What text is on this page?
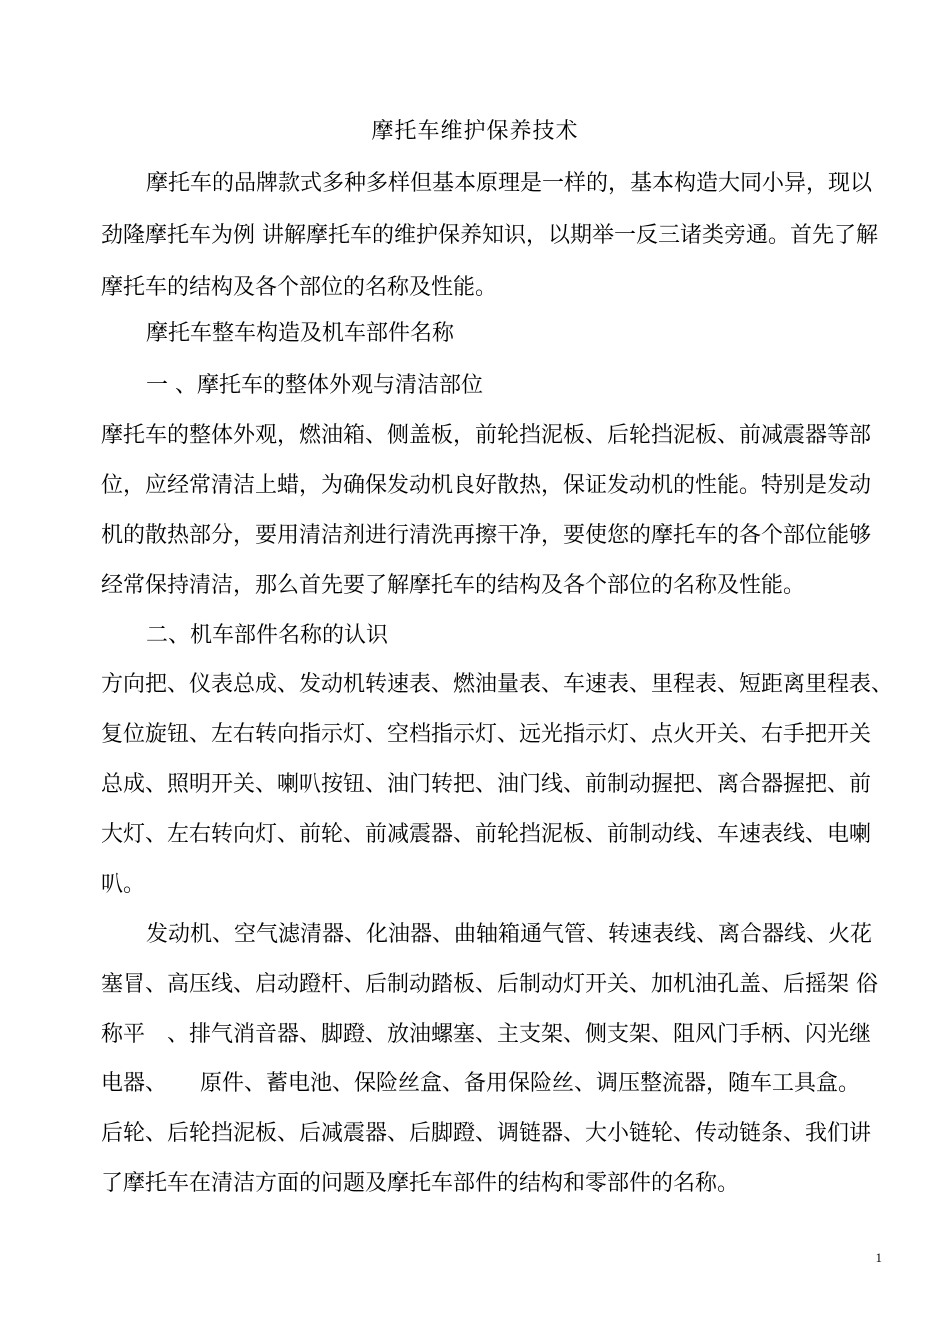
摩托车维护保养技术
摩托车的品牌款式多种多样但基本原理是一样的，基本构造大同小异，现以
劲隆摩托车为例 讲解摩托车的维护保养知识，以期举一反三诸类旁通。首先了解
摩托车的结构及各个部位的名称及性能。
摩托车整车构造及机车部件名称
一 、摩托车的整体外观与清洁部位
摩托车的整体外观，燃油箱、侧盖板，前轮挡泥板、后轮挡泥板、前减震器等部
位，应经常清洁上蜡，为确保发动机良好散热，保证发动机的性能。特别是发动
机的散热部分，要用清洁剂进行清洗再擦干净，要使您的摩托车的各个部位能够
经常保持清洁，那么首先要了解摩托车的结构及各个部位的名称及性能。
二、机车部件名称的认识
方向把、仪表总成、发动机转速表、燃油量表、车速表、里程表、短距离里程表、
复位旋钮、左右转向指示灯、空档指示灯、远光指示灯、点火开关、右手把开关
总成、照明开关、喇叭按钮、油门转把、油门线、前制动握把、离合器握把、前
大灯、左右转向灯、前轮、前减震器、前轮挡泥板、前制动线、车速表线、电喇
叭。
发动机、空气滤清器、化油器、曲轴箱通气管、转速表线、离合器线、火花
塞冒、高压线、启动蹬杆、后制动踏板、后制动灯开关、加机油孔盖、后摇架 俗
称平　、排气消音器、脚蹬、放油螺塞、主支架、侧支架、阻风门手柄、闪光继
电器、　　原件、蓄电池、保险丝盒、备用保险丝、调压整流器，随车工具盒。
后轮、后轮挡泥板、后减震器、后脚蹬、调链器、大小链轮、传动链条、我们讲
了摩托车在清洁方面的问题及摩托车部件的结构和零部件的名称。
1
